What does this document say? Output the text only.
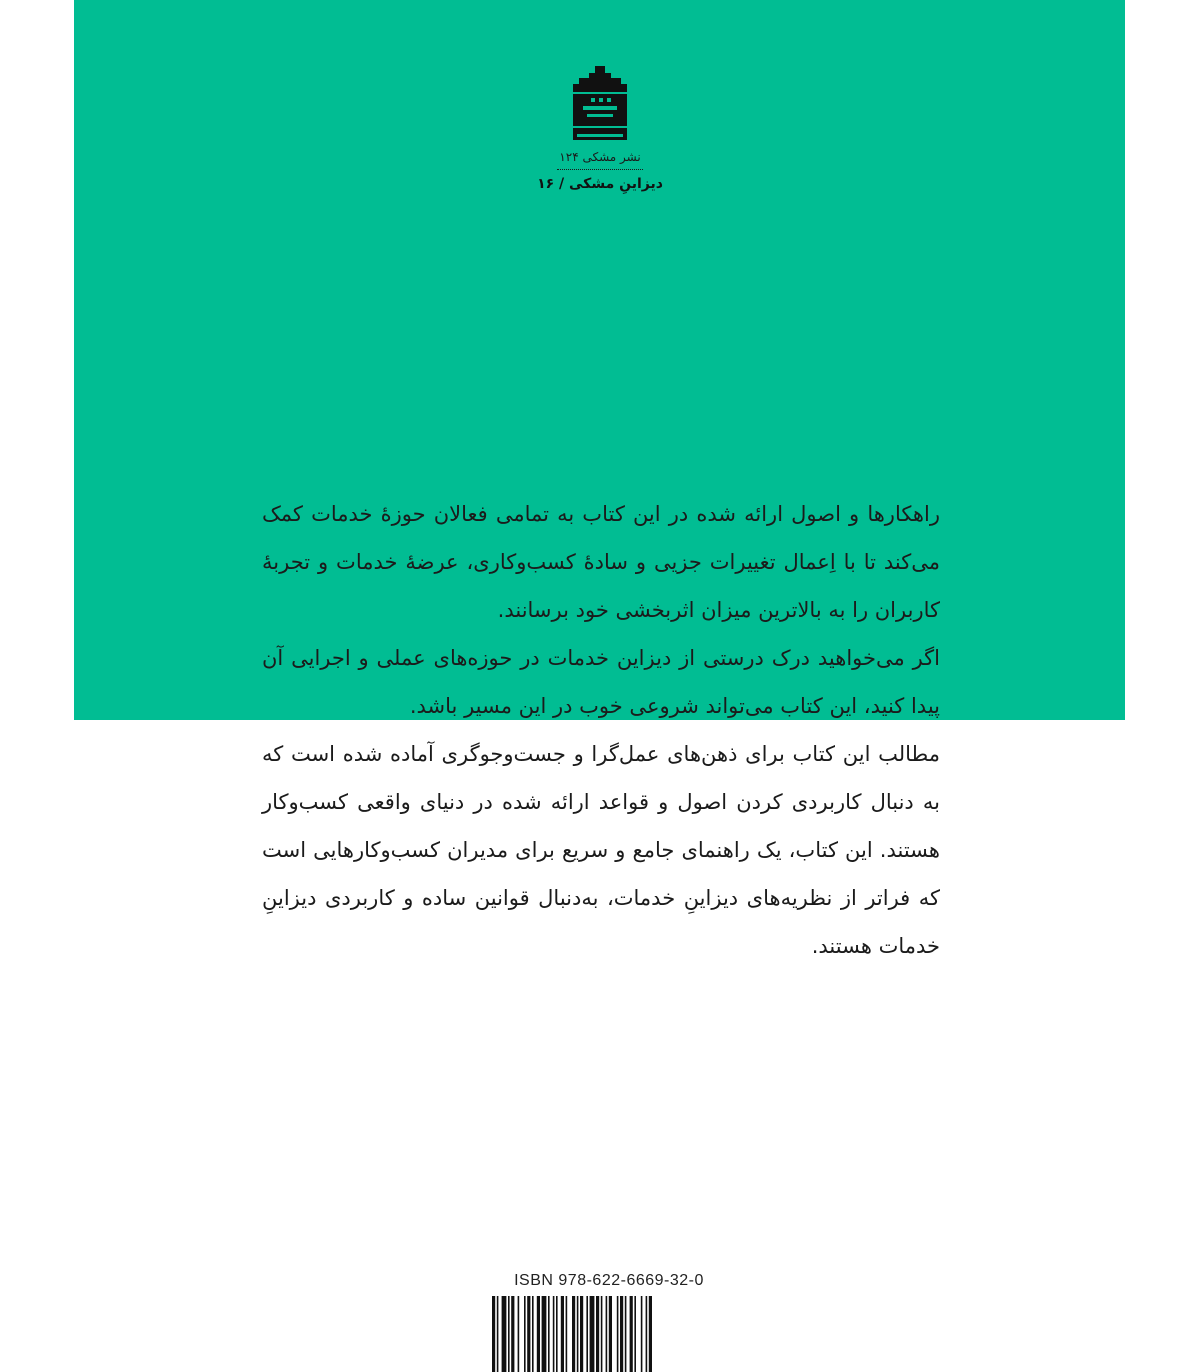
نشر مشکی ۱۲۴
دیزاینِ مشکی / ۱۶

راهکارها و اصول ارائه شده در این کتاب به تمامی فعالان حوزهٔ خدمات کمک می‌کند تا با اِعمال تغییرات جزیی و سادهٔ کسب‌وکاری، عرضهٔ خدمات و تجربهٔ کاربران را به بالاترین میزان اثربخشی خود برسانند.

اگر می‌خواهید درک درستی از دیزاین خدمات در حوزه‌های عملی و اجرایی آن پیدا کنید، این کتاب می‌تواند شروعی خوب در این مسیر باشد.

مطالب این کتاب برای ذهن‌های عمل‌گرا و جست‌وجوگری آماده شده است که به دنبال کاربردی کردن اصول و قواعد ارائه شده در دنیای واقعی کسب‌وکار هستند. این کتاب، یک راهنمای جامع و سریع برای مدیران کسب‌وکارهایی است که فراتر از نظریه‌های دیزاینِ خدمات، به‌دنبال قوانین ساده و کاربردی دیزاینِ خدمات هستند.

ISBN 978-622-6669-32-0
